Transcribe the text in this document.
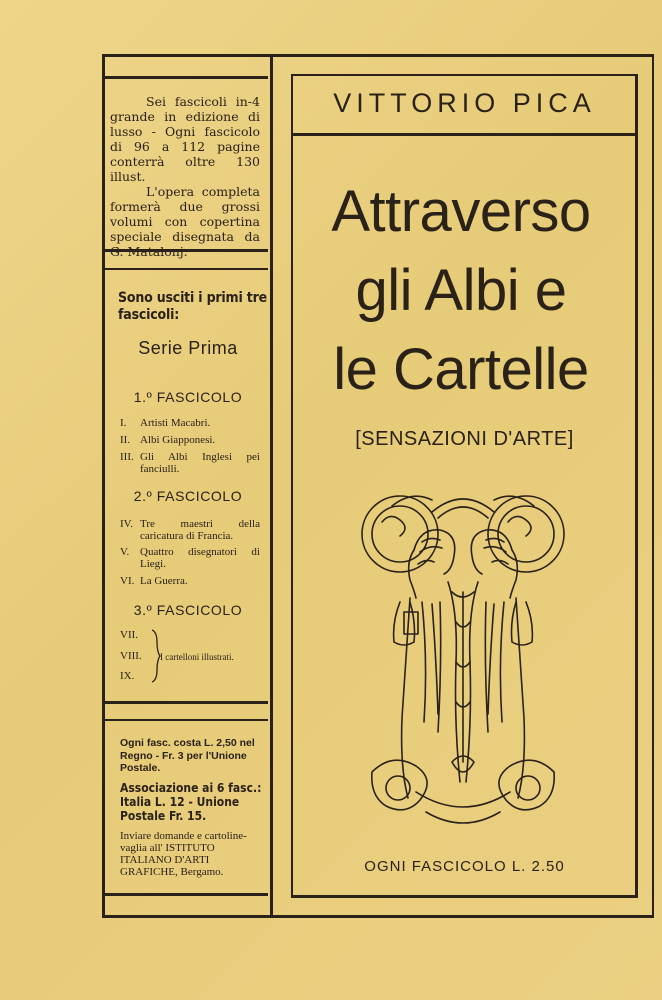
Sei fascicoli in-4 grande in edizione di lusso - Ogni fascicolo di 96 a 112 pagine conterrà oltre 130 illust.

L'opera completa formerà due grossi volumi con copertina speciale disegnata da G. Matalonj.

Sono usciti i primi tre fascicoli:
Serie Prima
1.º FASCICOLO
I.	Artisti Macabri.
II. Albi Giapponesi.
III. Gli Albi Inglesi pei fanciulli.
2.º FASCICOLO
IV. Tre maestri della caricatura di Francia.
V. Quattro disegnatori di Liegi.
VI. La Guerra.
3.º FASCICOLO
VII.
VIII.
IX.
I cartelloni illustrati.
Ogni fasc. costa L. 2,50 nel Regno - Fr. 3 per l'Unione Postale.
Associazione ai 6 fasc.: Italia L. 12 - Unione Postale Fr. 15.
Inviare domande e cartoline-vaglia all' ISTITUTO ITALIANO D'ARTI GRAFICHE, Bergamo.
VITTORIO PICA
Attraverso
gli Albi e
le Cartelle
[SENSAZIONI D'ARTE]
OGNI FASCICOLO L. 2.50
